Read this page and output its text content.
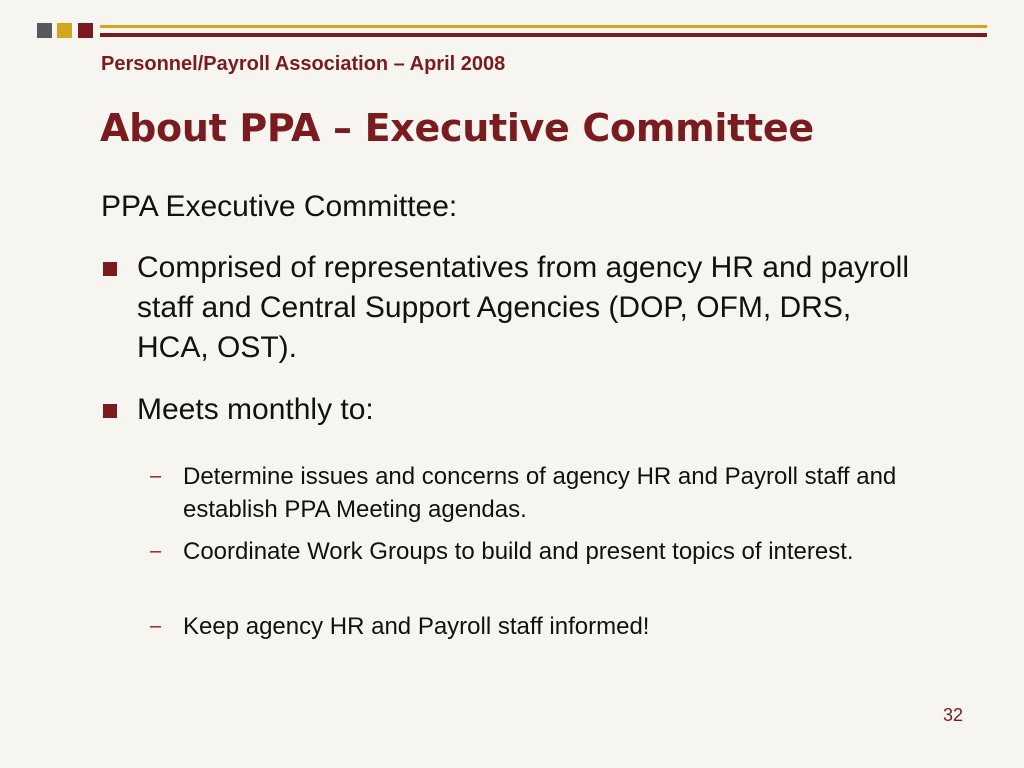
Personnel/Payroll Association – April 2008
About PPA – Executive Committee
PPA Executive Committee:
Comprised of representatives from agency HR and payroll staff and Central Support Agencies (DOP, OFM, DRS, HCA, OST).
Meets monthly to:
– Determine issues and concerns of agency HR and Payroll staff and establish PPA Meeting agendas.
– Coordinate Work Groups to build and present topics of interest.
– Keep agency HR and Payroll staff informed!
32
